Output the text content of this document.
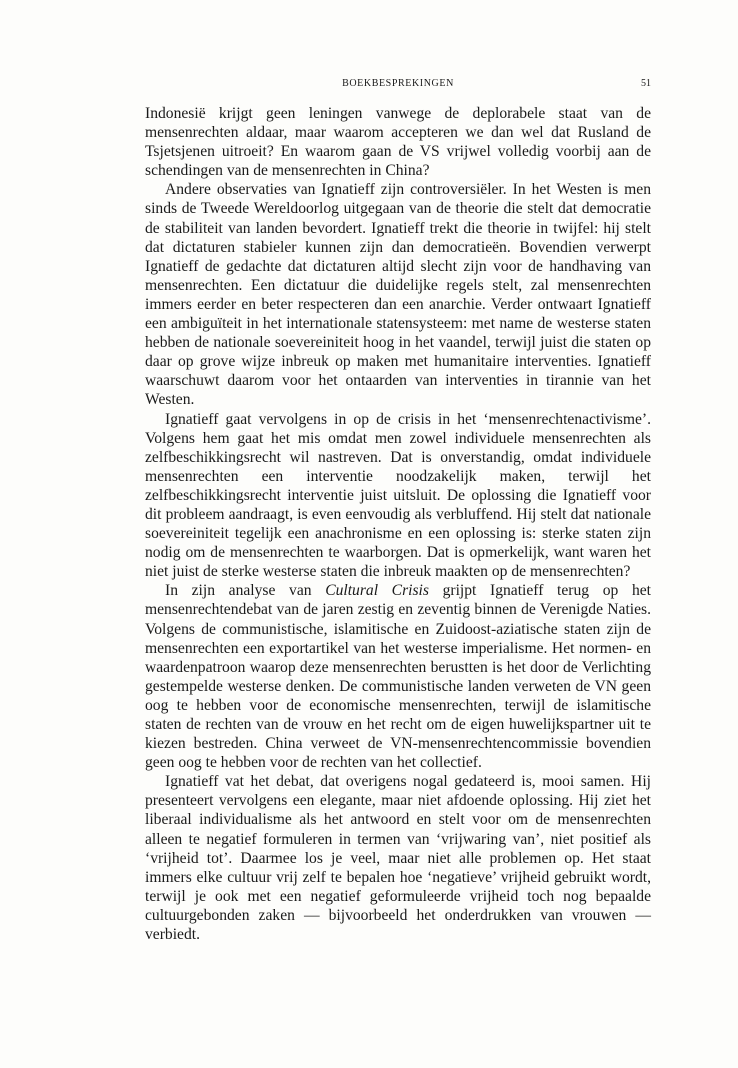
BOEKBESPREKINGEN	51

Indonesië krijgt geen leningen vanwege de deplorabele staat van de mensenrechten aldaar, maar waarom accepteren we dan wel dat Rusland de Tsjetsjenen uitroeit? En waarom gaan de VS vrijwel volledig voorbij aan de schendingen van de mensenrechten in China?

Andere observaties van Ignatieff zijn controversiëler. In het Westen is men sinds de Tweede Wereldoorlog uitgegaan van de theorie die stelt dat democratie de stabiliteit van landen bevordert. Ignatieff trekt die theorie in twijfel: hij stelt dat dictaturen stabieler kunnen zijn dan democratieën. Bovendien verwerpt Ignatieff de gedachte dat dictaturen altijd slecht zijn voor de handhaving van mensenrechten. Een dictatuur die duidelijke regels stelt, zal mensenrechten immers eerder en beter respecteren dan een anarchie. Verder ontwaart Ignatieff een ambiguïteit in het internationale statensysteem: met name de westerse staten hebben de nationale soevereiniteit hoog in het vaandel, terwijl juist die staten op daar op grove wijze inbreuk op maken met humanitaire interventies. Ignatieff waarschuwt daarom voor het ontaarden van interventies in tirannie van het Westen.

Ignatieff gaat vervolgens in op de crisis in het ‘mensenrechtenactivisme’. Volgens hem gaat het mis omdat men zowel individuele mensenrechten als zelfbeschikkingsrecht wil nastreven. Dat is onverstandig, omdat individuele mensenrechten een interventie noodzakelijk maken, terwijl het zelfbeschikkingsrecht interventie juist uitsluit. De oplossing die Ignatieff voor dit probleem aandraagt, is even eenvoudig als verbluffend. Hij stelt dat nationale soevereiniteit tegelijk een anachronisme en een oplossing is: sterke staten zijn nodig om de mensenrechten te waarborgen. Dat is opmerkelijk, want waren het niet juist de sterke westerse staten die inbreuk maakten op de mensenrechten?

In zijn analyse van Cultural Crisis grijpt Ignatieff terug op het mensenrechtendebat van de jaren zestig en zeventig binnen de Verenigde Naties. Volgens de communistische, islamitische en Zuidoost-aziatische staten zijn de mensenrechten een exportartikel van het westerse imperialisme. Het normen- en waardenpatroon waarop deze mensenrechten berustten is het door de Verlichting gestempelde westerse denken. De communistische landen verweten de VN geen oog te hebben voor de economische mensenrechten, terwijl de islamitische staten de rechten van de vrouw en het recht om de eigen huwelijkspartner uit te kiezen bestreden. China verweet de VN-mensenrechtencommissie bovendien geen oog te hebben voor de rechten van het collectief.

Ignatieff vat het debat, dat overigens nogal gedateerd is, mooi samen. Hij presenteert vervolgens een elegante, maar niet afdoende oplossing. Hij ziet het liberaal individualisme als het antwoord en stelt voor om de mensenrechten alleen te negatief formuleren in termen van ‘vrijwaring van’, niet positief als ‘vrijheid tot’. Daarmee los je veel, maar niet alle problemen op. Het staat immers elke cultuur vrij zelf te bepalen hoe ‘negatieve’ vrijheid gebruikt wordt, terwijl je ook met een negatief geformuleerde vrijheid toch nog bepaalde cultuurgebonden zaken — bijvoorbeeld het onderdrukken van vrouwen — verbiedt.
